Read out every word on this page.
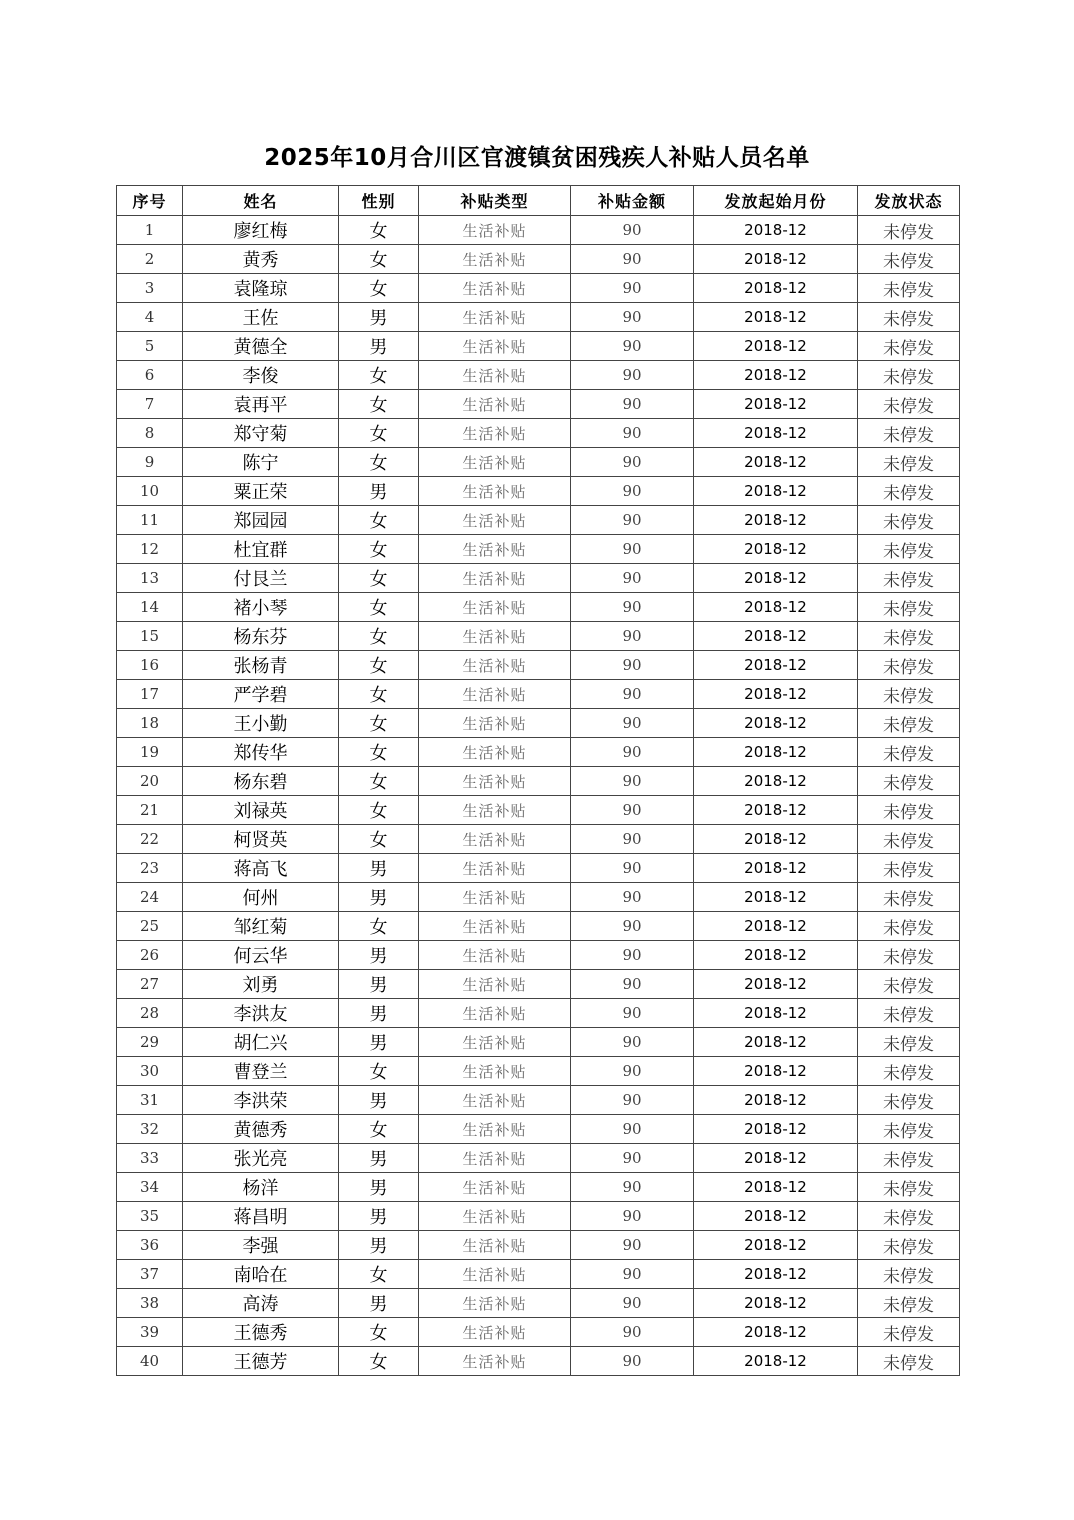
2025年10月合川区官渡镇贫困残疾人补贴人员名单
序号	姓名	性别	补贴类型	补贴金额	发放起始月份	发放状态
1	廖红梅	女	生活补贴	90	2018-12	未停发
2	黄秀	女	生活补贴	90	2018-12	未停发
3	袁隆琼	女	生活补贴	90	2018-12	未停发
4	王佐	男	生活补贴	90	2018-12	未停发
5	黄德全	男	生活补贴	90	2018-12	未停发
6	李俊	女	生活补贴	90	2018-12	未停发
7	袁再平	女	生活补贴	90	2018-12	未停发
8	郑守菊	女	生活补贴	90	2018-12	未停发
9	陈宁	女	生活补贴	90	2018-12	未停发
10	粟正荣	男	生活补贴	90	2018-12	未停发
11	郑园园	女	生活补贴	90	2018-12	未停发
12	杜宜群	女	生活补贴	90	2018-12	未停发
13	付艮兰	女	生活补贴	90	2018-12	未停发
14	褚小琴	女	生活补贴	90	2018-12	未停发
15	杨东芬	女	生活补贴	90	2018-12	未停发
16	张杨青	女	生活补贴	90	2018-12	未停发
17	严学碧	女	生活补贴	90	2018-12	未停发
18	王小勤	女	生活补贴	90	2018-12	未停发
19	郑传华	女	生活补贴	90	2018-12	未停发
20	杨东碧	女	生活补贴	90	2018-12	未停发
21	刘禄英	女	生活补贴	90	2018-12	未停发
22	柯贤英	女	生活补贴	90	2018-12	未停发
23	蒋高飞	男	生活补贴	90	2018-12	未停发
24	何州	男	生活补贴	90	2018-12	未停发
25	邹红菊	女	生活补贴	90	2018-12	未停发
26	何云华	男	生活补贴	90	2018-12	未停发
27	刘勇	男	生活补贴	90	2018-12	未停发
28	李洪友	男	生活补贴	90	2018-12	未停发
29	胡仁兴	男	生活补贴	90	2018-12	未停发
30	曹登兰	女	生活补贴	90	2018-12	未停发
31	李洪荣	男	生活补贴	90	2018-12	未停发
32	黄德秀	女	生活补贴	90	2018-12	未停发
33	张光亮	男	生活补贴	90	2018-12	未停发
34	杨洋	男	生活补贴	90	2018-12	未停发
35	蒋昌明	男	生活补贴	90	2018-12	未停发
36	李强	男	生活补贴	90	2018-12	未停发
37	南哈在	女	生活补贴	90	2018-12	未停发
38	高涛	男	生活补贴	90	2018-12	未停发
39	王德秀	女	生活补贴	90	2018-12	未停发
40	王德芳	女	生活补贴	90	2018-12	未停发
